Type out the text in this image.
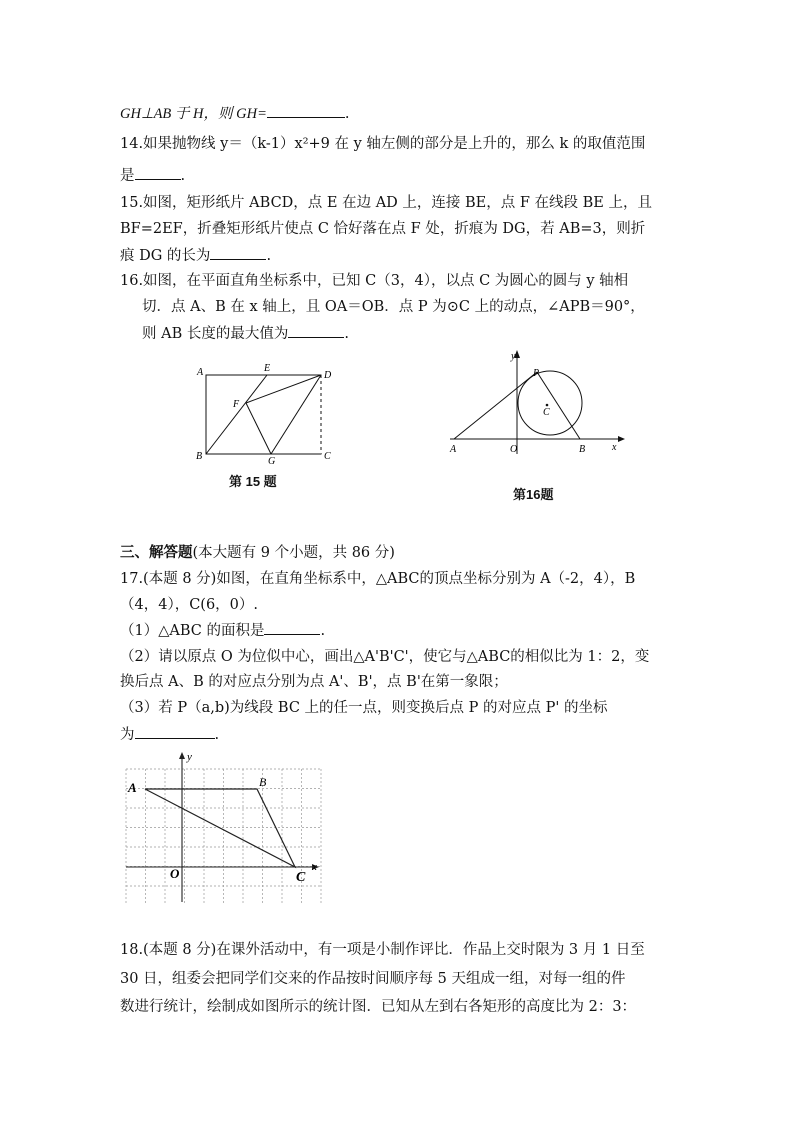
GH⊥AB 于 H，则 GH=	.
14.如果抛物线 y＝（k-1）x²+9 在 y 轴左侧的部分是上升的，那么 k 的取值范围
是	.
15.如图，矩形纸片 ABCD，点 E 在边 AD 上，连接 BE，点 F 在线段 BE 上，且
BF=2EF，折叠矩形纸片使点 C 恰好落在点 F 处，折痕为 DG，若 AB=3，则折
痕 DG 的长为	.
16.如图，在平面直角坐标系中，已知 C（3，4），以点 C 为圆心的圆与 y 轴相
切．点 A、B 在 x 轴上，且 OA＝OB．点 P 为⊙C 上的动点，∠APB＝90°，
则 AB 长度的最大值为	.
A	E
D
F
B	G	C
第 15 题
y
P
C
A	O	B	x
第16题
三、解答题(本大题有 9 个小题，共 86 分)
17.(本题 8 分)如图，在直角坐标系中，△ABC的顶点坐标分别为 A（-2，4），B
（4，4），C(6，0）.
（1）△ABC 的面积是	.
（2）请以原点 O 为位似中心，画出△A'B'C'，使它与△ABC的相似比为 1：2，变
换后点 A、B 的对应点分别为点 A'、B'，点 B'在第一象限；
（3）若 P（a,b)为线段 BC 上的任一点，则变换后点 P 的对应点 P' 的坐标
为	.
y
A	B
O	C
x
18.(本题 8 分)在课外活动中，有一项是小制作评比．作品上交时限为 3 月 1 日至
30 日，组委会把同学们交来的作品按时间顺序每 5 天组成一组，对每一组的件
数进行统计，绘制成如图所示的统计图．已知从左到右各矩形的高度比为 2：3：
